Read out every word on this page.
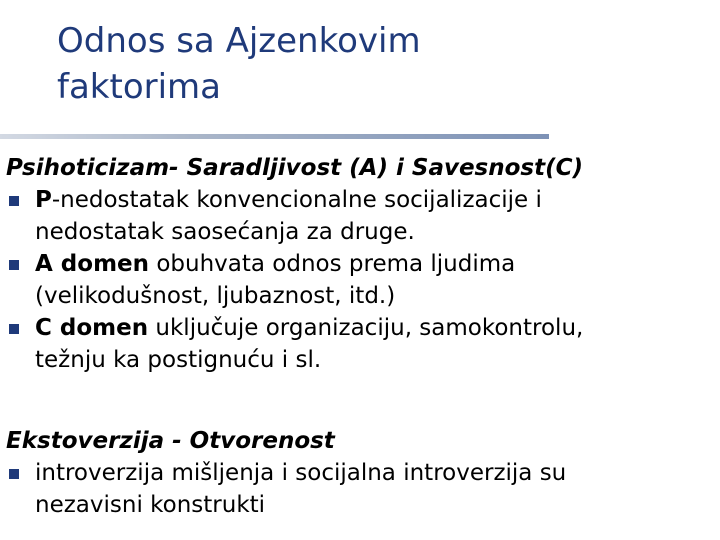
Odnos sa Ajzenkovim
faktorima

Psihoticizam- Saradljivost (A) i Savesnost(C)

P-nedostatak konvencionalne socijalizacije i
nedostatak saosećanja za druge.
A domen obuhvata odnos prema ljudima
(velikodušnost, ljubaznost, itd.)
C domen uključuje organizaciju, samokontrolu,
težnju ka postignuću i sl.

Ekstoverzija - Otvorenost

introverzija mišljenja i socijalna introverzija su
nezavisni konstrukti
